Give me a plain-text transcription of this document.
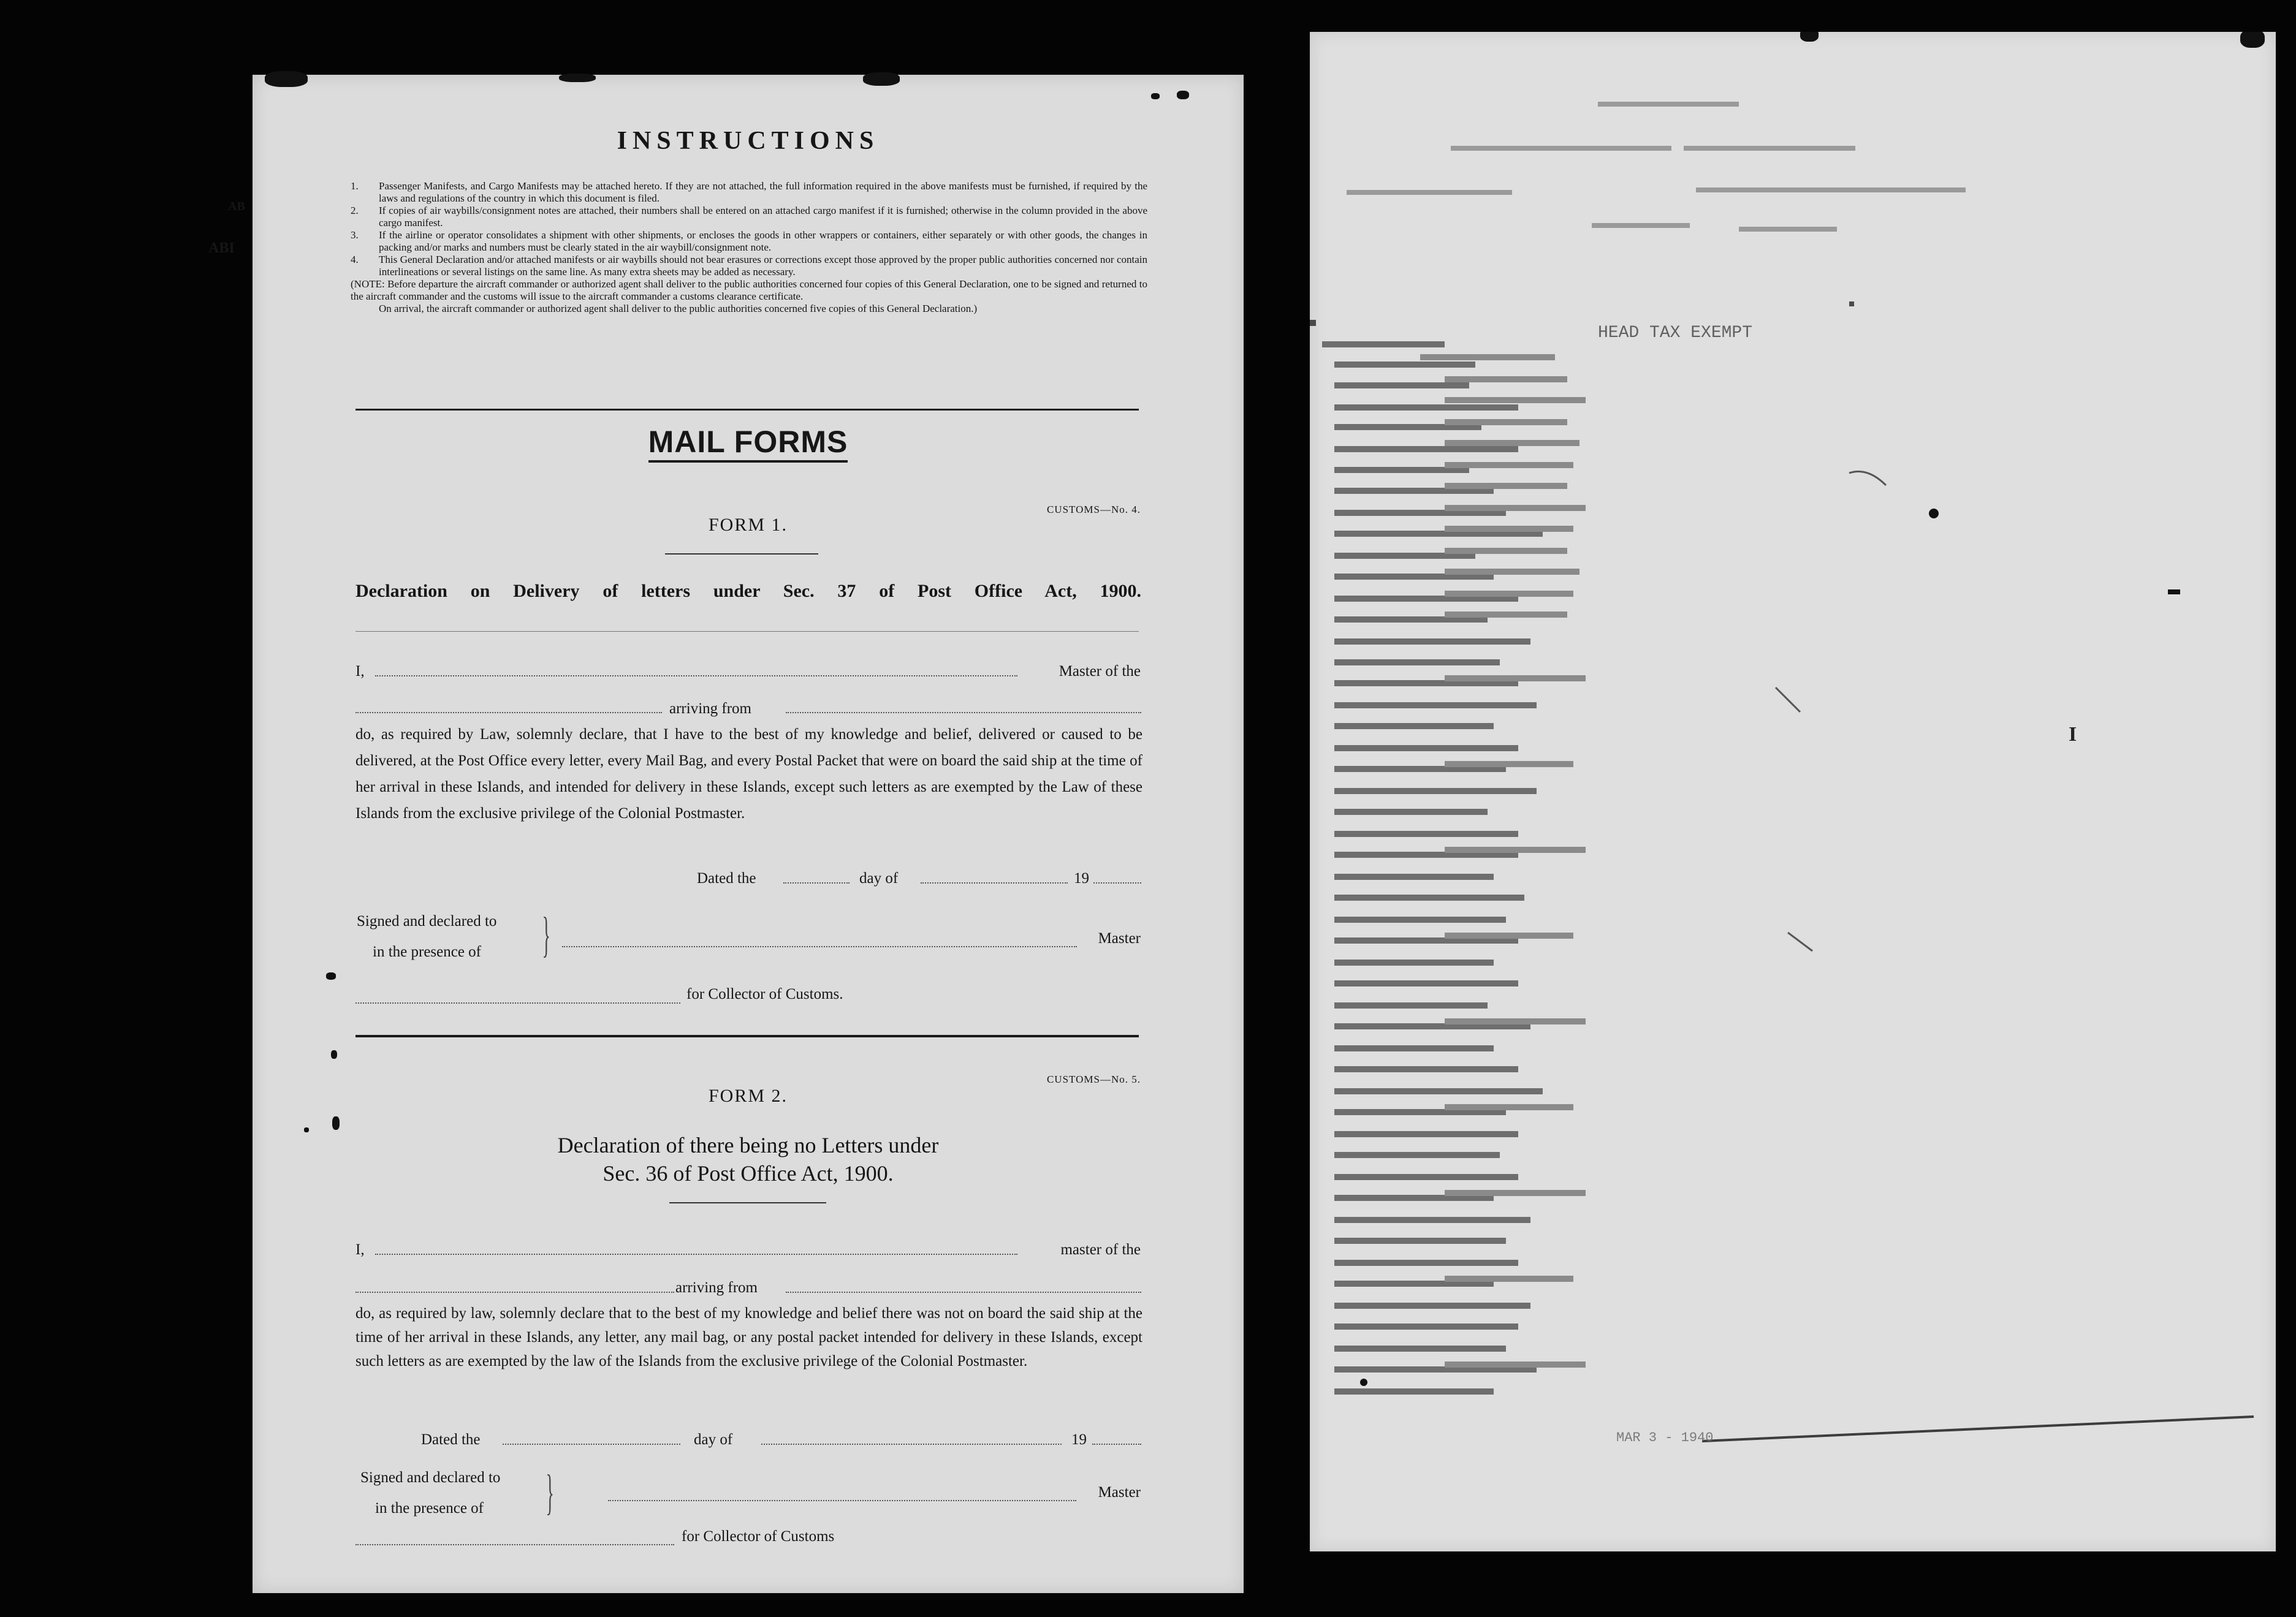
INSTRUCTIONS
1. Passenger Manifests, and Cargo Manifests may be attached hereto. If they are not attached, the full information required in the above manifests must be furnished, if required by the laws and regulations of the country in which this document is filed.
2. If copies of air waybills/consignment notes are attached, their numbers shall be entered on an attached cargo manifest if it is furnished; otherwise in the column provided in the above cargo manifest.
3. If the airline or operator consolidates a shipment with other shipments, or encloses the goods in other wrappers or containers, either separately or with other goods, the changes in packing and/or marks and numbers must be clearly stated in the air waybill/consignment note.
4. This General Declaration and/or attached manifests or air waybills should not bear erasures or corrections except those approved by the proper public authorities concerned nor contain interlineations or several listings on the same line. As many extra sheets may be added as necessary.
(NOTE: Before departure the aircraft commander or authorized agent shall deliver to the public authorities concerned four copies of this General Declaration, one to be signed and returned to the aircraft commander and the customs will issue to the aircraft commander a customs clearance certificate.
On arrival, the aircraft commander or authorized agent shall deliver to the public authorities concerned five copies of this General Declaration.)
AB
ABI
MAIL FORMS
CUSTOMS—No. 4.
FORM 1.
Declaration on Delivery of letters under Sec. 37 of Post Office Act, 1900.
I,	Master of the
arriving from
do, as required by Law, solemnly declare, that I have to the best of my knowledge and belief, delivered or caused to be delivered, at the Post Office every letter, every Mail Bag, and every Postal Packet that were on board the said ship at the time of her arrival in these Islands, and intended for delivery in these Islands, except such letters as are exempted by the Law of these Islands from the exclusive privilege of the Colonial Postmaster.
Dated the	day of	19
Signed and declared to
in the presence of }	Master
for Collector of Customs.
CUSTOMS—No. 5.
FORM 2.
Declaration of there being no Letters under
Sec. 36 of Post Office Act, 1900.
I,	master of the
arriving from
do, as required by law, solemnly declare that to the best of my knowledge and belief there was not on board the said ship at the time of her arrival in these Islands, any letter, any mail bag, or any postal packet intended for delivery in these Islands, except such letters as are exempted by the law of the Islands from the exclusive privilege of the Colonial Postmaster.
Dated the	day of	19
Signed and declared to
in the presence of }	Master
for Collector of Customs
HEAD TAX EXEMPT
MAR 3 - 1940
I
